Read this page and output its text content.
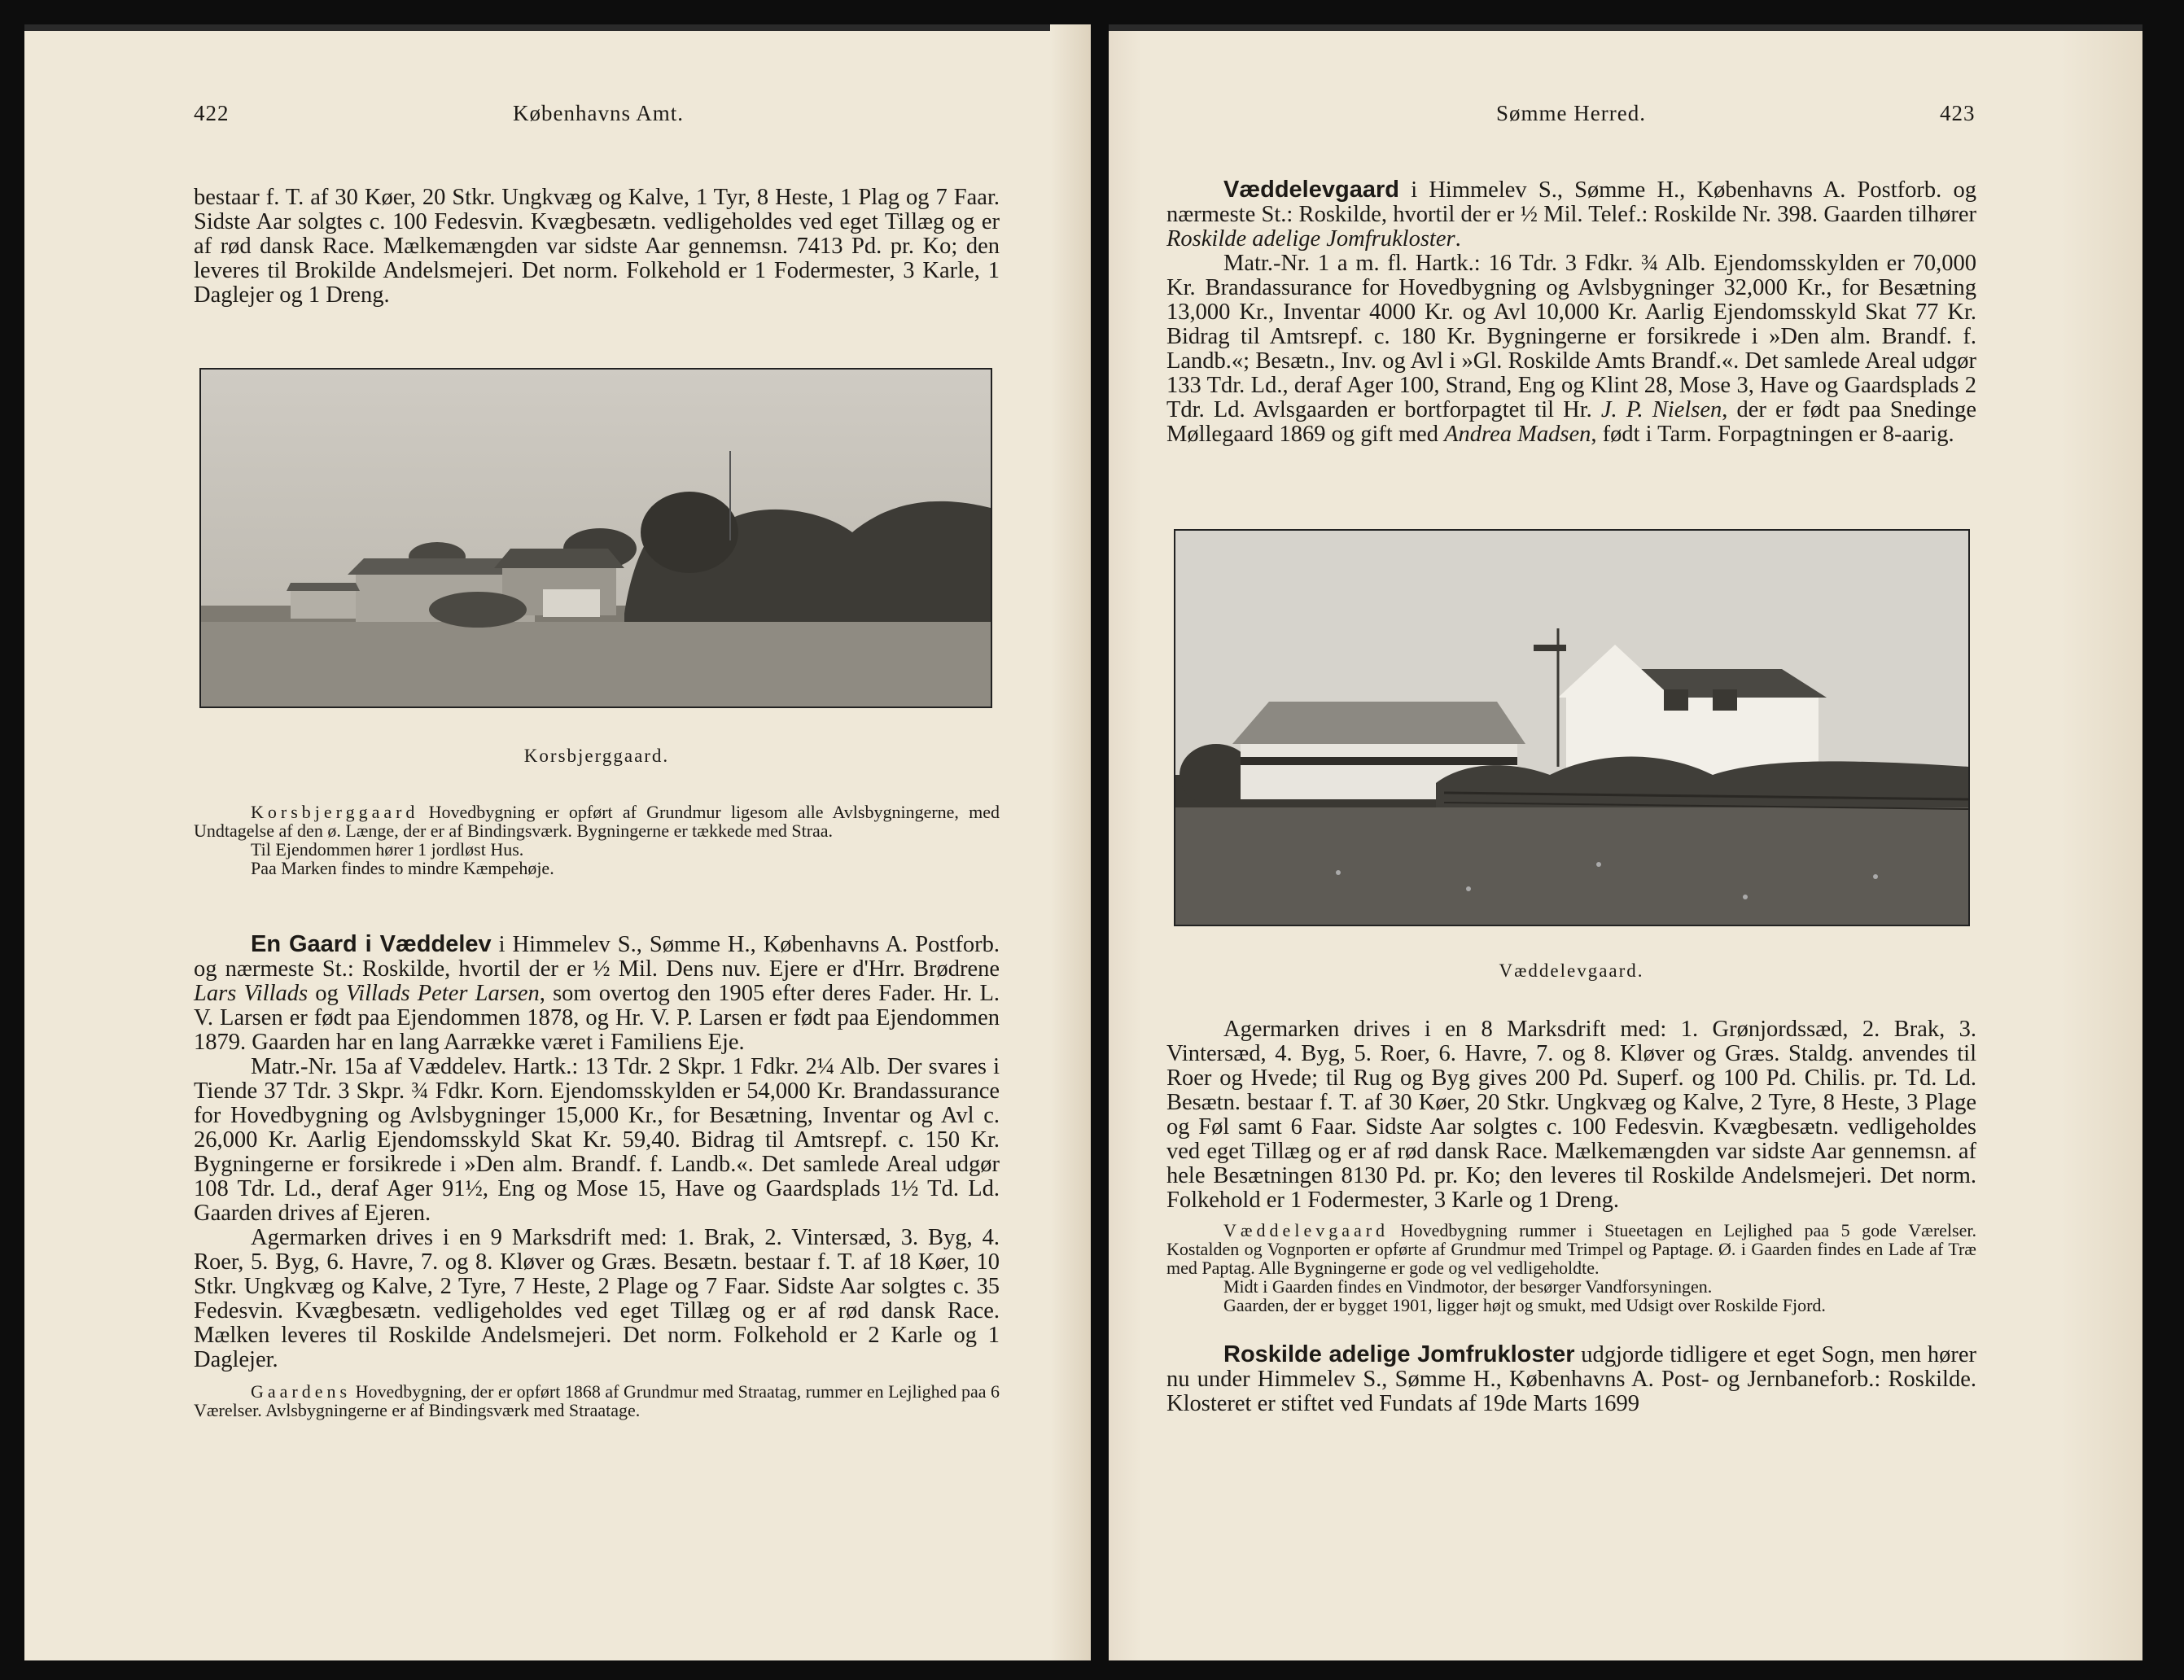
422	Københavns Amt.

bestaar f. T. af 30 Køer, 20 Stkr. Ungkvæg og Kalve, 1 Tyr, 8 Heste, 1 Plag og 7 Faar. Sidste Aar solgtes c. 100 Fedesvin. Kvægbesætn. vedligeholdes ved eget Tillæg og er af rød dansk Race. Mælkemængden var sidste Aar gennemsn. 7413 Pd. pr. Ko; den leveres til Brokilde Andelsmejeri. Det norm. Folkehold er 1 Fodermester, 3 Karle, 1 Daglejer og 1 Dreng.

Korsbjerggaard.

Korsbjerggaard Hovedbygning er opført af Grundmur ligesom alle Avlsbygningerne, med Undtagelse af den ø. Længe, der er af Bindingsværk. Bygningerne er tækkede med Straa.

Til Ejendommen hører 1 jordløst Hus.

Paa Marken findes to mindre Kæmpehøje.

En Gaard i Væddelev i Himmelev S., Sømme H., Københavns A. Postforb. og nærmeste St.: Roskilde, hvortil der er ½ Mil. Dens nuv. Ejere er d'Hrr. Brødrene Lars Villads og Villads Peter Larsen, som overtog den 1905 efter deres Fader. Hr. L. V. Larsen er født paa Ejendommen 1878, og Hr. V. P. Larsen er født paa Ejendommen 1879. Gaarden har en lang Aarrække været i Familiens Eje.

Matr.-Nr. 15a af Væddelev. Hartk.: 13 Tdr. 2 Skpr. 1 Fdkr. 2¼ Alb. Der svares i Tiende 37 Tdr. 3 Skpr. ¾ Fdkr. Korn. Ejendomsskylden er 54,000 Kr. Brandassurance for Hovedbygning og Avlsbygninger 15,000 Kr., for Besætning, Inventar og Avl c. 26,000 Kr. Aarlig Ejendomsskyld Skat Kr. 59,40. Bidrag til Amtsrepf. c. 150 Kr. Bygningerne er forsikrede i »Den alm. Brandf. f. Landb.«. Det samlede Areal udgør 108 Tdr. Ld., deraf Ager 91½, Eng og Mose 15, Have og Gaardsplads 1½ Td. Ld. Gaarden drives af Ejeren.

Agermarken drives i en 9 Marksdrift med: 1. Brak, 2. Vintersæd, 3. Byg, 4. Roer, 5. Byg, 6. Havre, 7. og 8. Kløver og Græs. Besætn. bestaar f. T. af 18 Køer, 10 Stkr. Ungkvæg og Kalve, 2 Tyre, 7 Heste, 2 Plage og 7 Faar. Sidste Aar solgtes c. 35 Fedesvin. Kvægbesætn. vedligeholdes ved eget Tillæg og er af rød dansk Race. Mælken leveres til Roskilde Andelsmejeri. Det norm. Folkehold er 2 Karle og 1 Daglejer.

Gaardens Hovedbygning, der er opført 1868 af Grundmur med Straatag, rummer en Lejlighed paa 6 Værelser. Avlsbygningerne er af Bindingsværk med Straatage.

Sømme Herred.	423

Væddelevgaard i Himmelev S., Sømme H., Københavns A. Postforb. og nærmeste St.: Roskilde, hvortil der er ½ Mil. Telef.: Roskilde Nr. 398. Gaarden tilhører Roskilde adelige Jomfrukloster.

Matr.-Nr. 1 a m. fl. Hartk.: 16 Tdr. 3 Fdkr. ¾ Alb. Ejendomsskylden er 70,000 Kr. Brandassurance for Hovedbygning og Avlsbygninger 32,000 Kr., for Besætning 13,000 Kr., Inventar 4000 Kr. og Avl 10,000 Kr. Aarlig Ejendomsskyld Skat 77 Kr. Bidrag til Amtsrepf. c. 180 Kr. Bygningerne er forsikrede i »Den alm. Brandf. f. Landb.«; Besætn., Inv. og Avl i »Gl. Roskilde Amts Brandf.«. Det samlede Areal udgør 133 Tdr. Ld., deraf Ager 100, Strand, Eng og Klint 28, Mose 3, Have og Gaardsplads 2 Tdr. Ld. Avlsgaarden er bortforpagtet til Hr. J. P. Nielsen, der er født paa Snedinge Møllegaard 1869 og gift med Andrea Madsen, født i Tarm. Forpagtningen er 8-aarig.

Væddelevgaard.

Agermarken drives i en 8 Marksdrift med: 1. Grønjordssæd, 2. Brak, 3. Vintersæd, 4. Byg, 5. Roer, 6. Havre, 7. og 8. Kløver og Græs. Staldg. anvendes til Roer og Hvede; til Rug og Byg gives 200 Pd. Superf. og 100 Pd. Chilis. pr. Td. Ld. Besætn. bestaar f. T. af 30 Køer, 20 Stkr. Ungkvæg og Kalve, 2 Tyre, 8 Heste, 3 Plage og Føl samt 6 Faar. Sidste Aar solgtes c. 100 Fedesvin. Kvægbesætn. vedligeholdes ved eget Tillæg og er af rød dansk Race. Mælkemængden var sidste Aar gennemsn. af hele Besætningen 8130 Pd. pr. Ko; den leveres til Roskilde Andelsmejeri. Det norm. Folkehold er 1 Fodermester, 3 Karle og 1 Dreng.

Væddelevgaard Hovedbygning rummer i Stueetagen en Lejlighed paa 5 gode Værelser. Kostalden og Vognporten er opførte af Grundmur med Trimpel og Paptage. Ø. i Gaarden findes en Lade af Træ med Paptag. Alle Bygningerne er gode og vel vedligeholdte.

Midt i Gaarden findes en Vindmotor, der besørger Vandforsyningen.

Gaarden, der er bygget 1901, ligger højt og smukt, med Udsigt over Roskilde Fjord.

Roskilde adelige Jomfrukloster udgjorde tidligere et eget Sogn, men hører nu under Himmelev S., Sømme H., Københavns A. Post- og Jernbaneforb.: Roskilde. Klosteret er stiftet ved Fundats af 19de Marts 1699
